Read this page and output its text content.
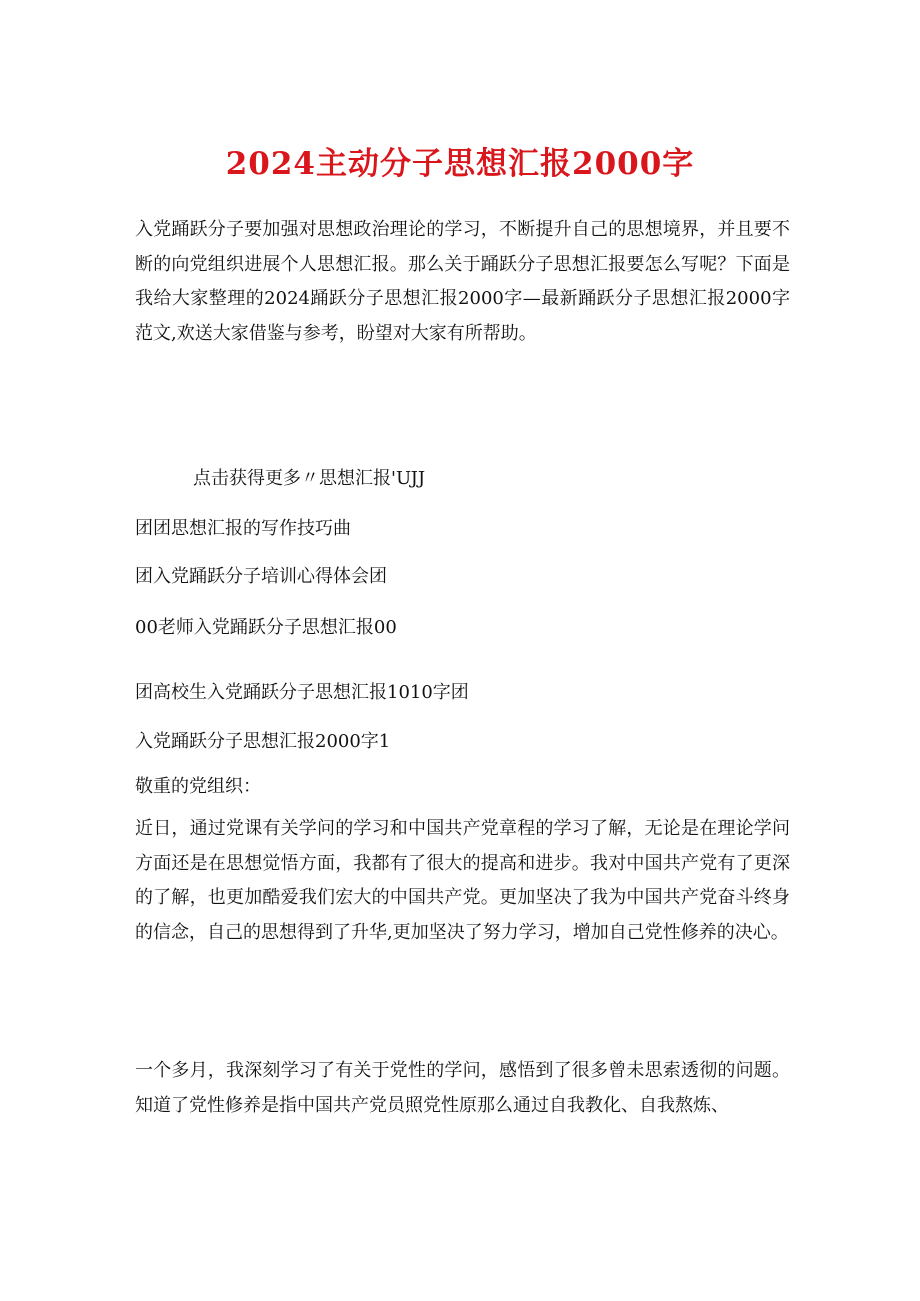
2024主动分子思想汇报2000字

入党踊跃分子要加强对思想政治理论的学习，不断提升自己的思想境界，并且要不断的向党组织进展个人思想汇报。那么关于踊跃分子思想汇报要怎么写呢？下面是我给大家整理的2024踊跃分子思想汇报2000字—最新踊跃分子思想汇报2000字范文,欢送大家借鉴与参考，盼望对大家有所帮助。

点击获得更多〃思想汇报'UJJ

团团思想汇报的写作技巧曲

团入党踊跃分子培训心得体会团

00老师入党踊跃分子思想汇报00

团高校生入党踊跃分子思想汇报1010字团

入党踊跃分子思想汇报2000字1

敬重的党组织：

近日，通过党课有关学问的学习和中国共产党章程的学习了解，无论是在理论学问方面还是在思想觉悟方面，我都有了很大的提高和进步。我对中国共产党有了更深的了解，也更加酷爱我们宏大的中国共产党。更加坚决了我为中国共产党奋斗终身的信念，自己的思想得到了升华,更加坚决了努力学习，增加自己党性修养的决心。

一个多月，我深刻学习了有关于党性的学问，感悟到了很多曾未思索透彻的问题。知道了党性修养是指中国共产党员照党性原那么通过自我教化、自我熬炼、
